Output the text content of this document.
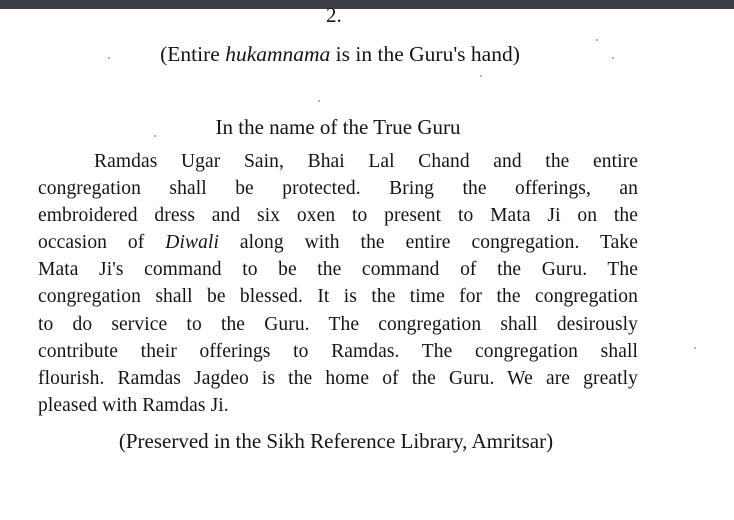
2.
(Entire hukamnama is in the Guru's hand)
In the name of the True Guru
Ramdas Ugar Sain, Bhai Lal Chand and the entire
congregation shall be protected. Bring the offerings, an
embroidered dress and six oxen to present to Mata Ji on the
occasion of Diwali along with the entire congregation. Take
Mata Ji's command to be the command of the Guru. The
congregation shall be blessed. It is the time for the congregation
to do service to the Guru. The congregation shall desirously
contribute their offerings to Ramdas. The congregation shall
flourish. Ramdas Jagdeo is the home of the Guru. We are greatly
pleased with Ramdas Ji.
(Preserved in the Sikh Reference Library, Amritsar)
